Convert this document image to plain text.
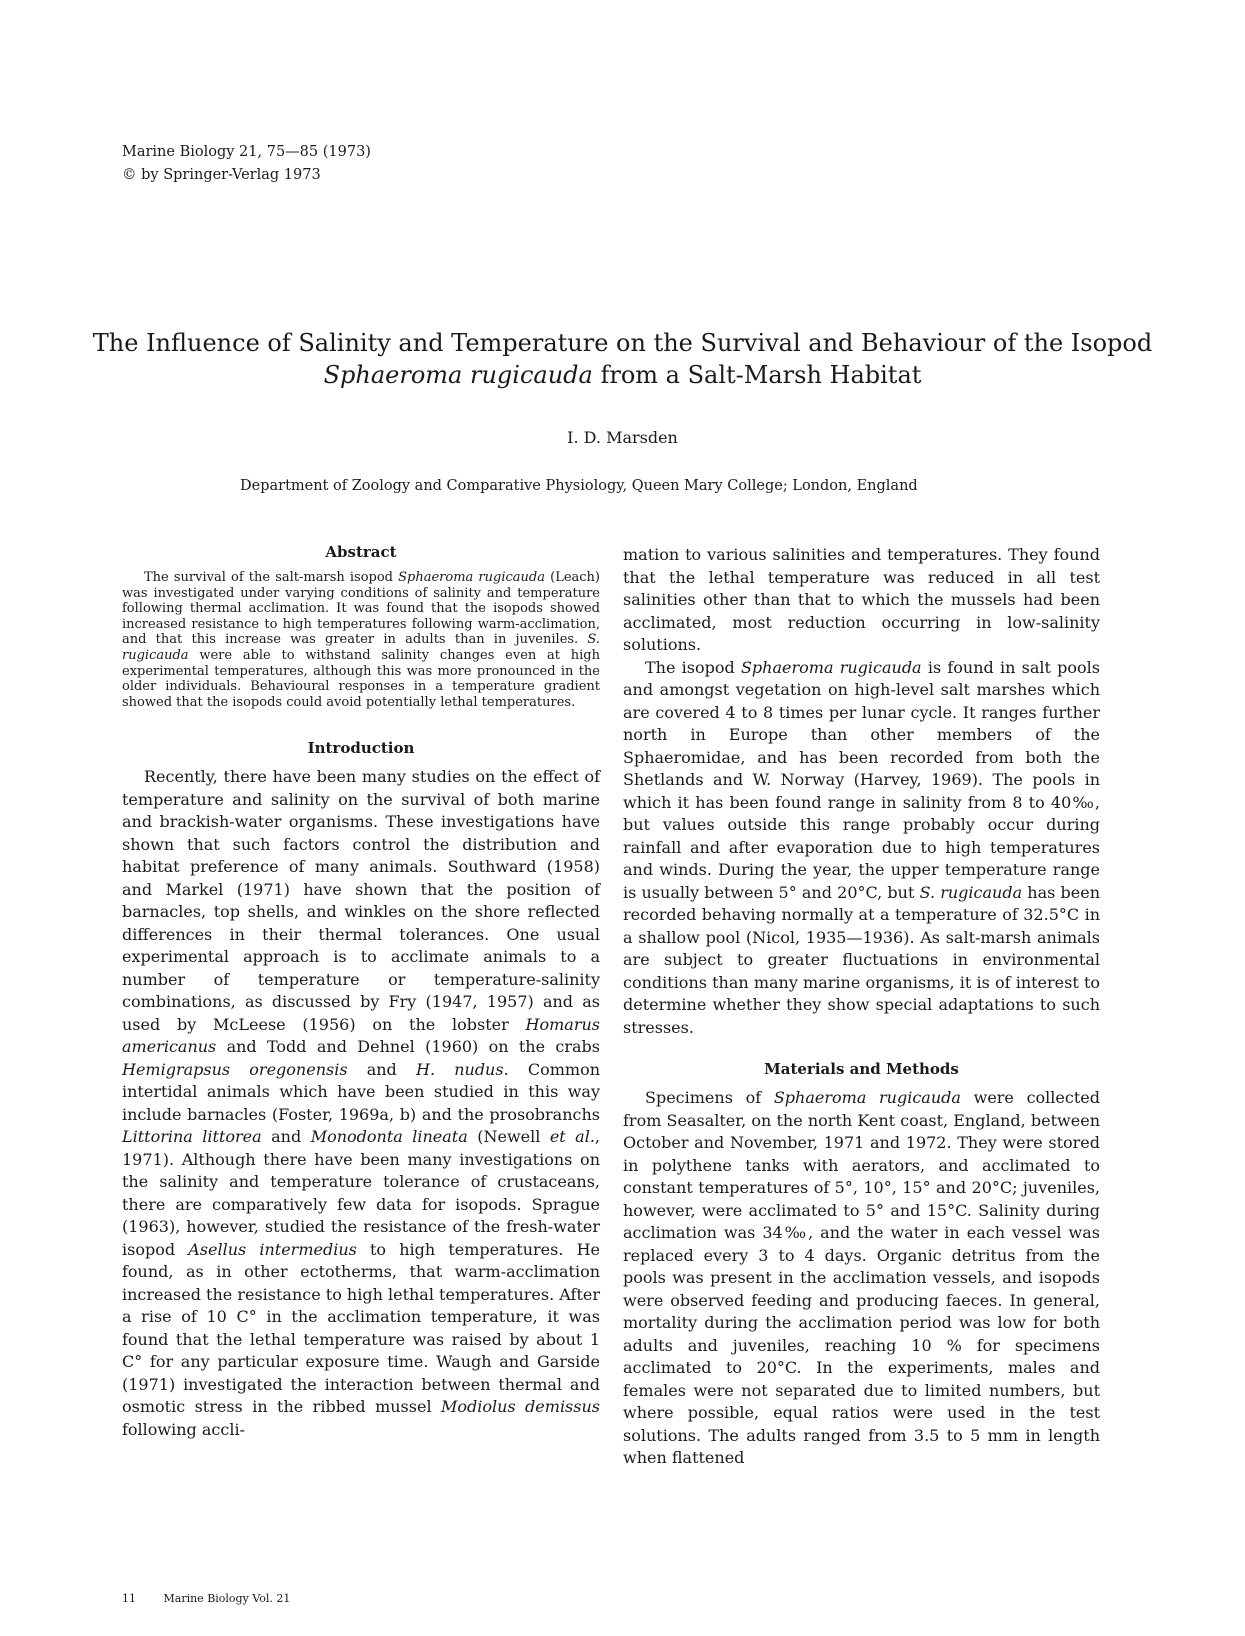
Marine Biology 21, 75—85 (1973)
© by Springer-Verlag 1973
The Influence of Salinity and Temperature on the Survival and Behaviour of the Isopod
Sphaeroma rugicauda from a Salt-Marsh Habitat
I. D. Marsden
Department of Zoology and Comparative Physiology, Queen Mary College; London, England
Abstract

The survival of the salt-marsh isopod Sphaeroma rugicauda (Leach) was investigated under varying conditions of salinity and temperature following thermal acclimation. It was found that the isopods showed increased resistance to high temperatures following warm-acclimation, and that this increase was greater in adults than in juveniles. S. rugicauda were able to withstand salinity changes even at high experimental temperatures, although this was more pronounced in the older individuals. Behavioural responses in a temperature gradient showed that the isopods could avoid potentially lethal temperatures.

Introduction

Recently, there have been many studies on the effect of temperature and salinity on the survival of both marine and brackish-water organisms. These investigations have shown that such factors control the distribution and habitat preference of many animals. Southward (1958) and Markel (1971) have shown that the position of barnacles, top shells, and winkles on the shore reflected differences in their thermal tolerances. One usual experimental approach is to acclimate animals to a number of temperature or temperature-salinity combinations, as discussed by Fry (1947, 1957) and as used by McLeese (1956) on the lobster Homarus americanus and Todd and Dehnel (1960) on the crabs Hemigrapsus oregonensis and H. nudus. Common intertidal animals which have been studied in this way include barnacles (Foster, 1969a, b) and the prosobranchs Littorina littorea and Monodonta lineata (Newell et al., 1971). Although there have been many investigations on the salinity and temperature tolerance of crustaceans, there are comparatively few data for isopods. Sprague (1963), however, studied the resistance of the fresh-water isopod Asellus intermedius to high temperatures. He found, as in other ectotherms, that warm-acclimation increased the resistance to high lethal temperatures. After a rise of 10 C° in the acclimation temperature, it was found that the lethal temperature was raised by about 1 C° for any particular exposure time. Waugh and Garside (1971) investigated the interaction between thermal and osmotic stress in the ribbed mussel Modiolus demissus following accli-

mation to various salinities and temperatures. They found that the lethal temperature was reduced in all test salinities other than that to which the mussels had been acclimated, most reduction occurring in low-salinity solutions.

The isopod Sphaeroma rugicauda is found in salt pools and amongst vegetation on high-level salt marshes which are covered 4 to 8 times per lunar cycle. It ranges further north in Europe than other members of the Sphaeromidae, and has been recorded from both the Shetlands and W. Norway (Harvey, 1969). The pools in which it has been found range in salinity from 8 to 40‰, but values outside this range probably occur during rainfall and after evaporation due to high temperatures and winds. During the year, the upper temperature range is usually between 5° and 20°C, but S. rugicauda has been recorded behaving normally at a temperature of 32.5°C in a shallow pool (Nicol, 1935—1936). As salt-marsh animals are subject to greater fluctuations in environmental conditions than many marine organisms, it is of interest to determine whether they show special adaptations to such stresses.

Materials and Methods

Specimens of Sphaeroma rugicauda were collected from Seasalter, on the north Kent coast, England, between October and November, 1971 and 1972. They were stored in polythene tanks with aerators, and acclimated to constant temperatures of 5°, 10°, 15° and 20°C; juveniles, however, were acclimated to 5° and 15°C. Salinity during acclimation was 34‰, and the water in each vessel was replaced every 3 to 4 days. Organic detritus from the pools was present in the acclimation vessels, and isopods were observed feeding and producing faeces. In general, mortality during the acclimation period was low for both adults and juveniles, reaching 10 % for specimens acclimated to 20°C. In the experiments, males and females were not separated due to limited numbers, but where possible, equal ratios were used in the test solutions. The adults ranged from 3.5 to 5 mm in length when flattened

11	Marine Biology Vol. 21
